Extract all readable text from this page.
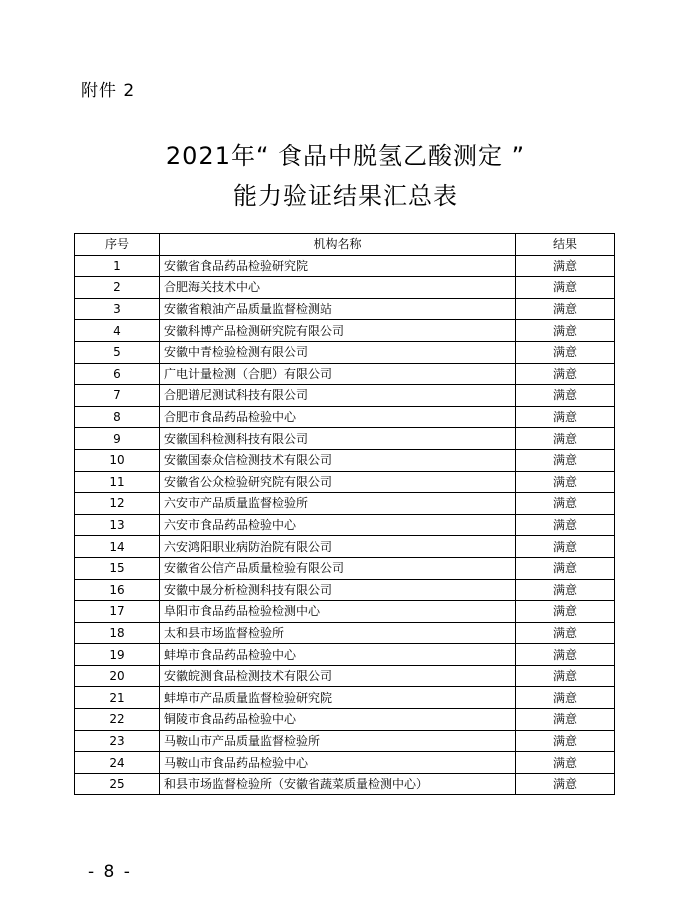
附件 2
2021年“ 食品中脱氢乙酸测定 ”
能力验证结果汇总表
序号	机构名称	结果
1	安徽省食品药品检验研究院	满意
2	合肥海关技术中心	满意
3	安徽省粮油产品质量监督检测站	满意
4	安徽科博产品检测研究院有限公司	满意
5	安徽中青检验检测有限公司	满意
6	广电计量检测（合肥）有限公司	满意
7	合肥谱尼测试科技有限公司	满意
8	合肥市食品药品检验中心	满意
9	安徽国科检测科技有限公司	满意
10	安徽国泰众信检测技术有限公司	满意
11	安徽省公众检验研究院有限公司	满意
12	六安市产品质量监督检验所	满意
13	六安市食品药品检验中心	满意
14	六安鸿阳职业病防治院有限公司	满意
15	安徽省公信产品质量检验有限公司	满意
16	安徽中晟分析检测科技有限公司	满意
17	阜阳市食品药品检验检测中心	满意
18	太和县市场监督检验所	满意
19	蚌埠市食品药品检验中心	满意
20	安徽皖测食品检测技术有限公司	满意
21	蚌埠市产品质量监督检验研究院	满意
22	铜陵市食品药品检验中心	满意
23	马鞍山市产品质量监督检验所	满意
24	马鞍山市食品药品检验中心	满意
25	和县市场监督检验所（安徽省蔬菜质量检测中心）	满意
- 8 -
